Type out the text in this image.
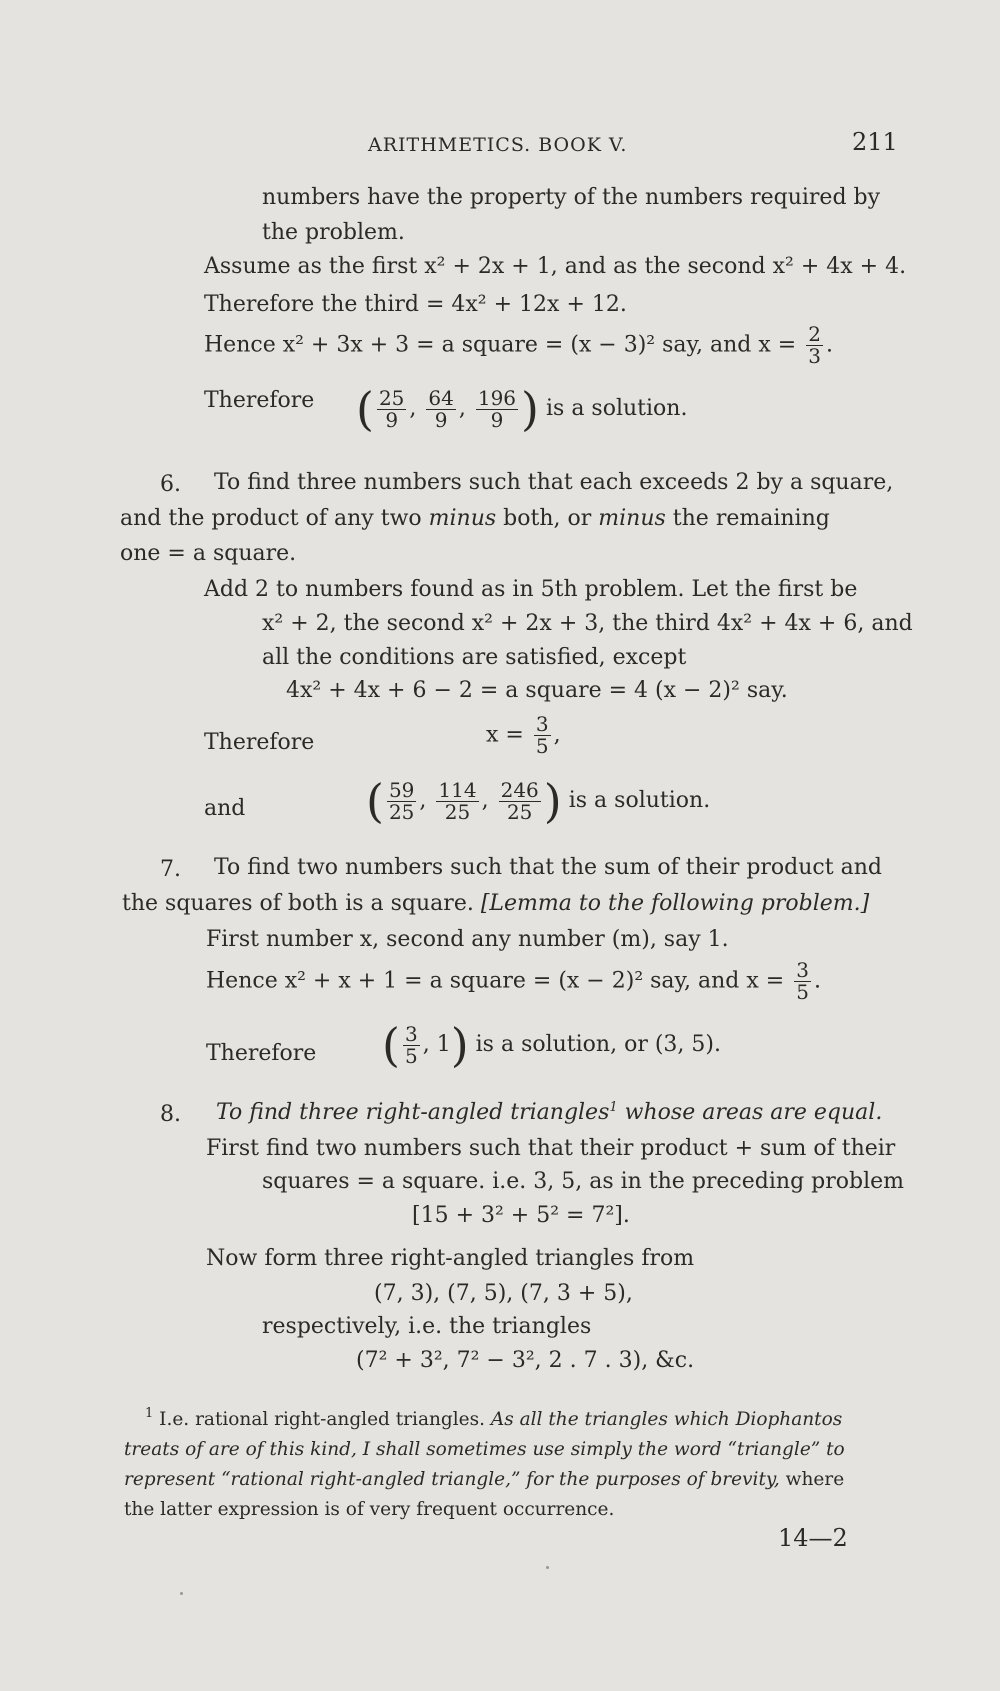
ARITHMETICS. BOOK V.	211
numbers have the property of the numbers required by
the problem.
Assume as the first x² + 2x + 1, and as the second x² + 4x + 4.
Therefore the third = 4x² + 12x + 12.
Hence x² + 3x + 3 = a square = (x − 3)² say, and $x = \frac{2}{3}$ .
Therefore ( $\frac{25}{9}$ , $\frac{64}{9}$ , $\frac{196}{9}$ ) is a solution.
6. To find three numbers such that each exceeds 2 by a square,
and the product of any two minus both, or minus the remaining
one = a square.
Add 2 to numbers found as in 5th problem. Let the first be
x² + 2, the second x² + 2x + 3, the third 4x² + 4x + 6, and
all the conditions are satisfied, except
4x² + 4x + 6 − 2 = a square = 4 (x − 2)² say.
Therefore	$x = \frac{3}{5}$ ,
and	( $\frac{59}{25}$ , $\frac{114}{25}$ , $\frac{246}{25}$ ) is a solution.
7. To find two numbers such that the sum of their product and
the squares of both is a square. [Lemma to the following problem.]
First number x, second any number (m), say 1.
Hence x² + x + 1 = a square = (x − 2)² say, and $x = \frac{3}{5}$ .
Therefore ( $\frac{3}{5}$ , 1) is a solution, or (3, 5).
8. To find three right-angled triangles$^1$ whose areas are equal.
First find two numbers such that their product + sum of their
squares = a square. i.e. 3, 5, as in the preceding problem
[15 + 3² + 5² = 7²].
Now form three right-angled triangles from
(7, 3), (7, 5), (7, 3 + 5),
respectively, i.e. the triangles
(7² + 3², 7² − 3², 2 . 7 . 3), &c.
$^1$ I.e. rational right-angled triangles. As all the triangles which Diophantos
treats of are of this kind, I shall sometimes use simply the word “triangle” to
represent “rational right-angled triangle,” for the purposes of brevity, where
the latter expression is of very frequent occurrence.
14—2
